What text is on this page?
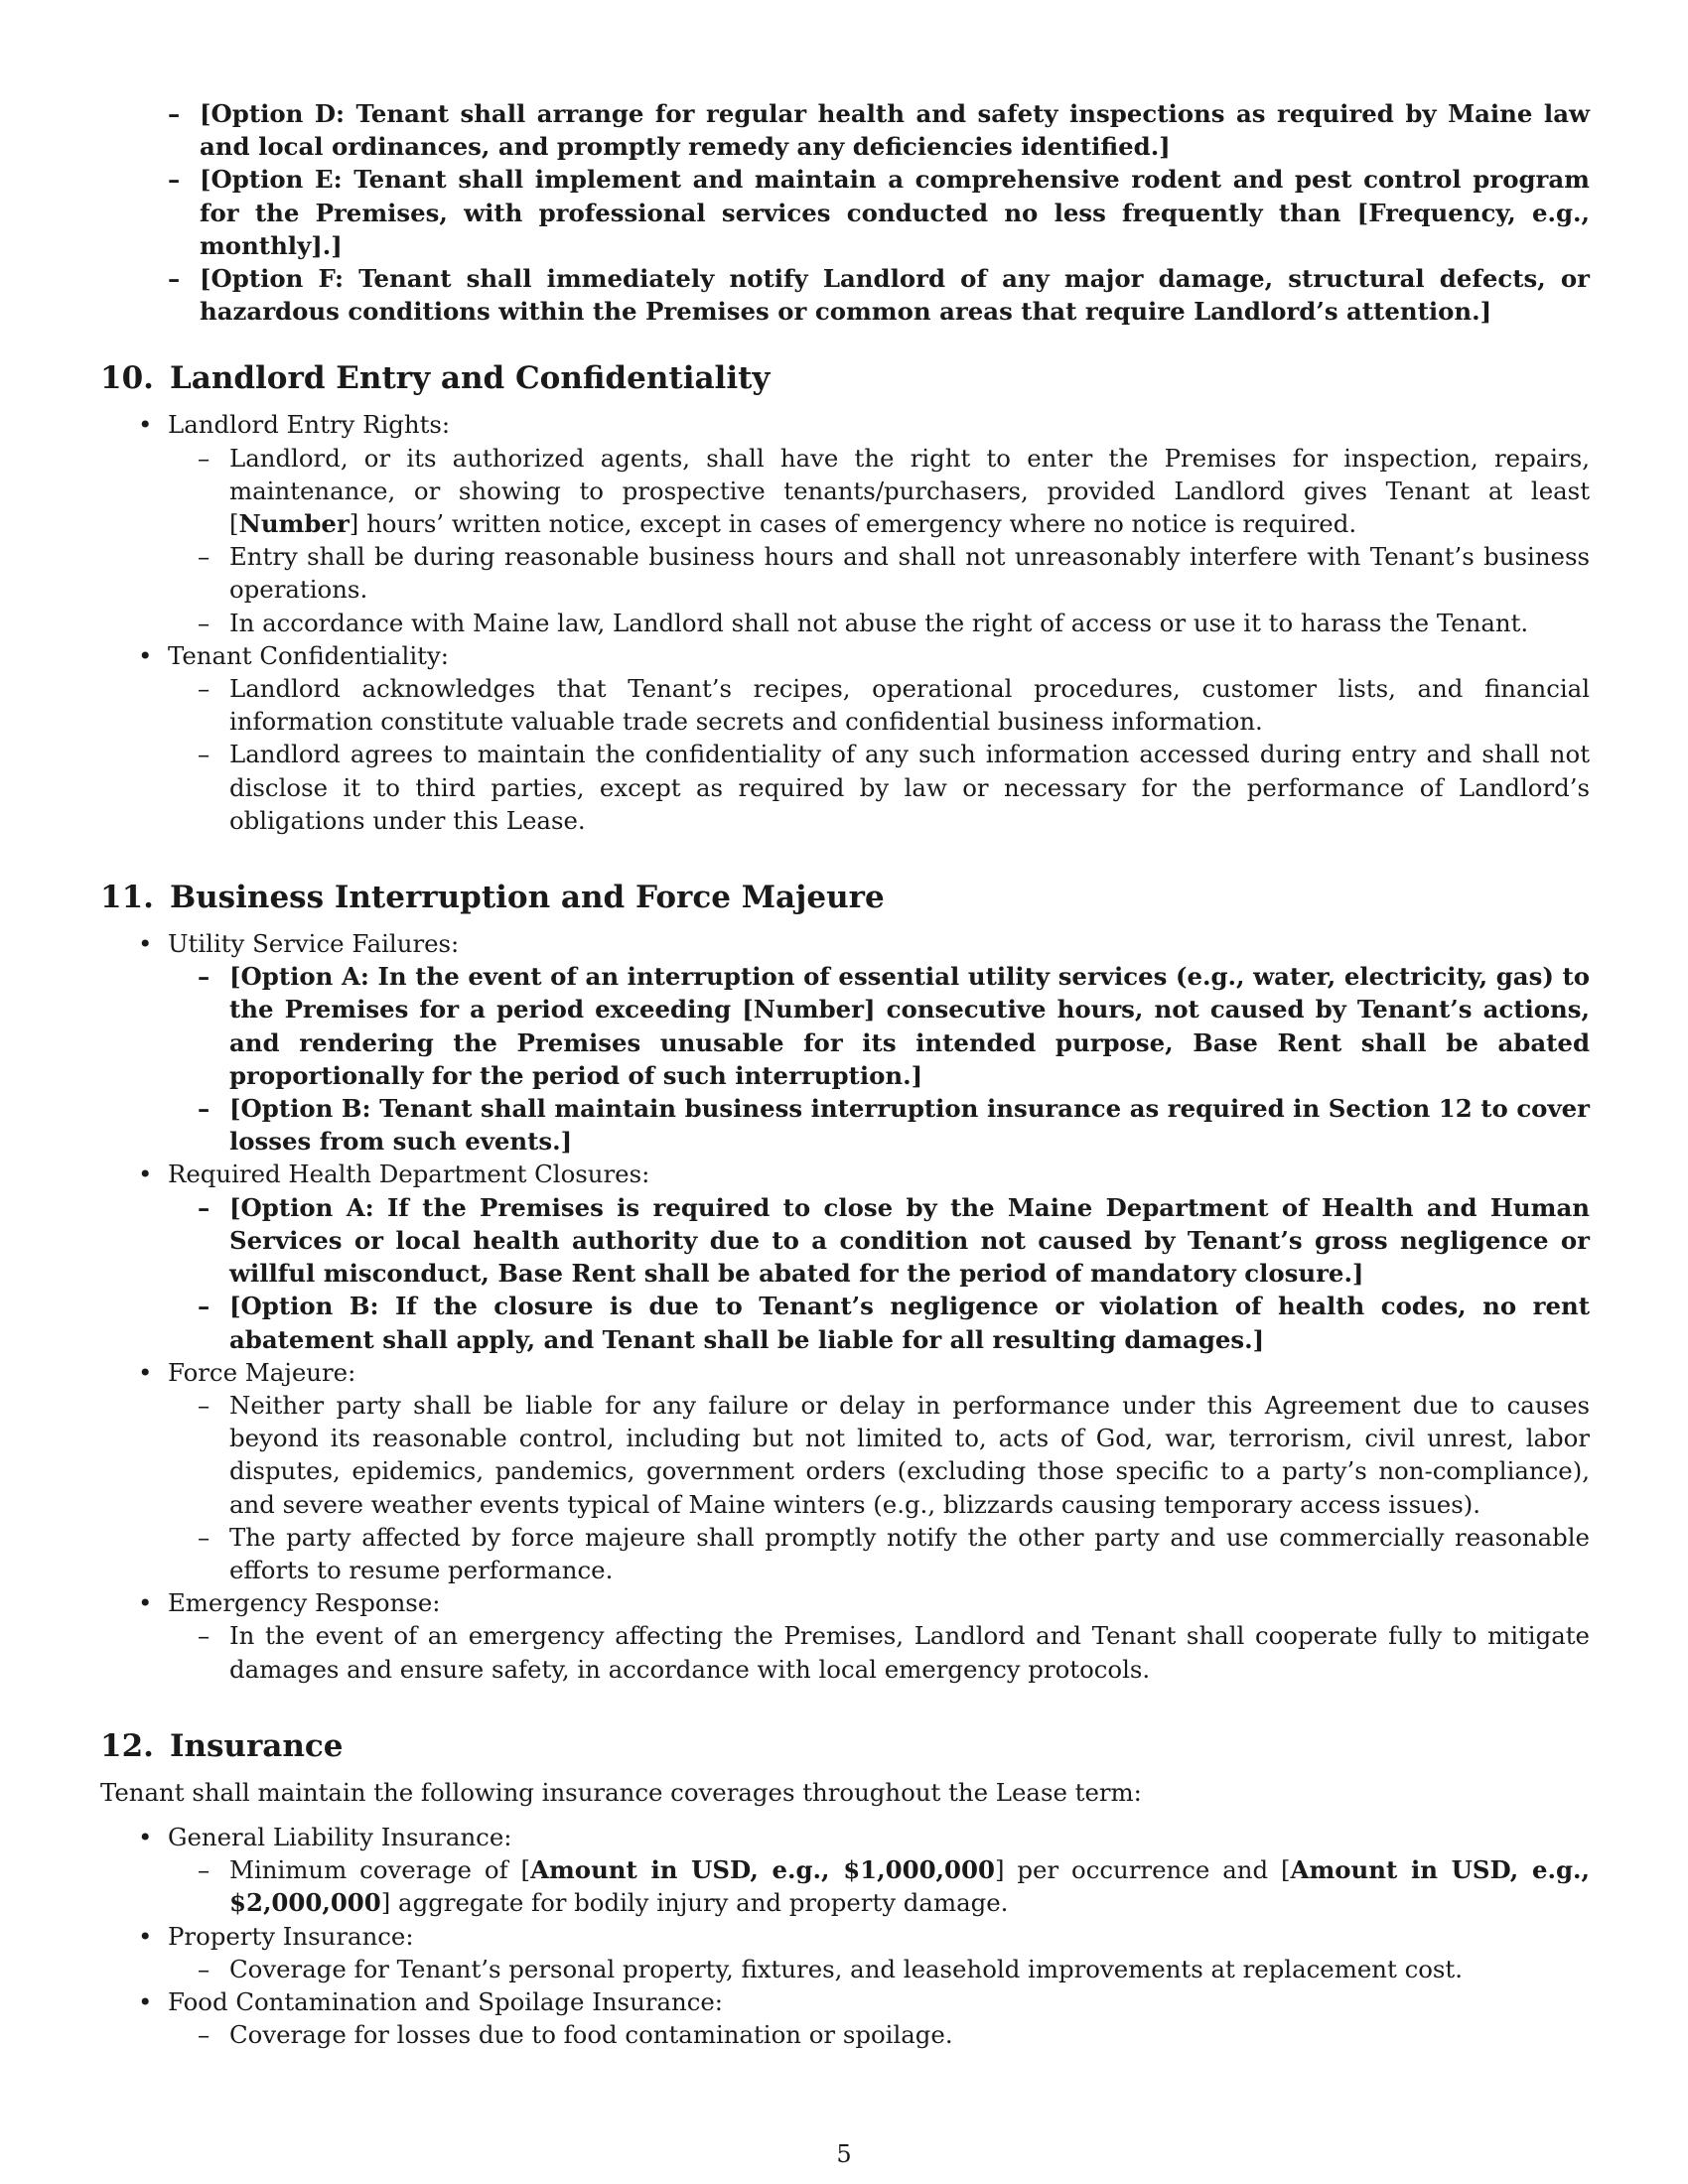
– [Option D: Tenant shall arrange for regular health and safety inspections as required by Maine law and local ordinances, and promptly remedy any deficiencies identified.]
– [Option E: Tenant shall implement and maintain a comprehensive rodent and pest control program for the Premises, with professional services conducted no less frequently than [Frequency, e.g., monthly].]
– [Option F: Tenant shall immediately notify Landlord of any major damage, structural defects, or hazardous conditions within the Premises or common areas that require Landlord’s attention.]
10. Landlord Entry and Confidentiality
• Landlord Entry Rights:
– Landlord, or its authorized agents, shall have the right to enter the Premises for inspection, repairs, maintenance, or showing to prospective tenants/purchasers, provided Landlord gives Tenant at least [Number] hours’ written notice, except in cases of emergency where no notice is required.
– Entry shall be during reasonable business hours and shall not unreasonably interfere with Tenant’s business operations.
– In accordance with Maine law, Landlord shall not abuse the right of access or use it to harass the Tenant.
• Tenant Confidentiality:
– Landlord acknowledges that Tenant’s recipes, operational procedures, customer lists, and financial information constitute valuable trade secrets and confidential business information.
– Landlord agrees to maintain the confidentiality of any such information accessed during entry and shall not disclose it to third parties, except as required by law or necessary for the performance of Landlord’s obligations under this Lease.
11. Business Interruption and Force Majeure
• Utility Service Failures:
– [Option A: In the event of an interruption of essential utility services (e.g., water, electricity, gas) to the Premises for a period exceeding [Number] consecutive hours, not caused by Tenant’s actions, and rendering the Premises unusable for its intended purpose, Base Rent shall be abated proportionally for the period of such interruption.]
– [Option B: Tenant shall maintain business interruption insurance as required in Section 12 to cover losses from such events.]
• Required Health Department Closures:
– [Option A: If the Premises is required to close by the Maine Department of Health and Human Services or local health authority due to a condition not caused by Tenant’s gross negligence or willful misconduct, Base Rent shall be abated for the period of mandatory closure.]
– [Option B: If the closure is due to Tenant’s negligence or violation of health codes, no rent abatement shall apply, and Tenant shall be liable for all resulting damages.]
• Force Majeure:
– Neither party shall be liable for any failure or delay in performance under this Agreement due to causes beyond its reasonable control, including but not limited to, acts of God, war, terrorism, civil unrest, labor disputes, epidemics, pandemics, government orders (excluding those specific to a party’s non-compliance), and severe weather events typical of Maine winters (e.g., blizzards causing temporary access issues).
– The party affected by force majeure shall promptly notify the other party and use commercially reasonable efforts to resume performance.
• Emergency Response:
– In the event of an emergency affecting the Premises, Landlord and Tenant shall cooperate fully to mitigate damages and ensure safety, in accordance with local emergency protocols.
12. Insurance

Tenant shall maintain the following insurance coverages throughout the Lease term:

• General Liability Insurance:
– Minimum coverage of [Amount in USD, e.g., $1,000,000] per occurrence and [Amount in USD, e.g., $2,000,000] aggregate for bodily injury and property damage.
• Property Insurance:
– Coverage for Tenant’s personal property, fixtures, and leasehold improvements at replacement cost.
• Food Contamination and Spoilage Insurance:
– Coverage for losses due to food contamination or spoilage.
5
